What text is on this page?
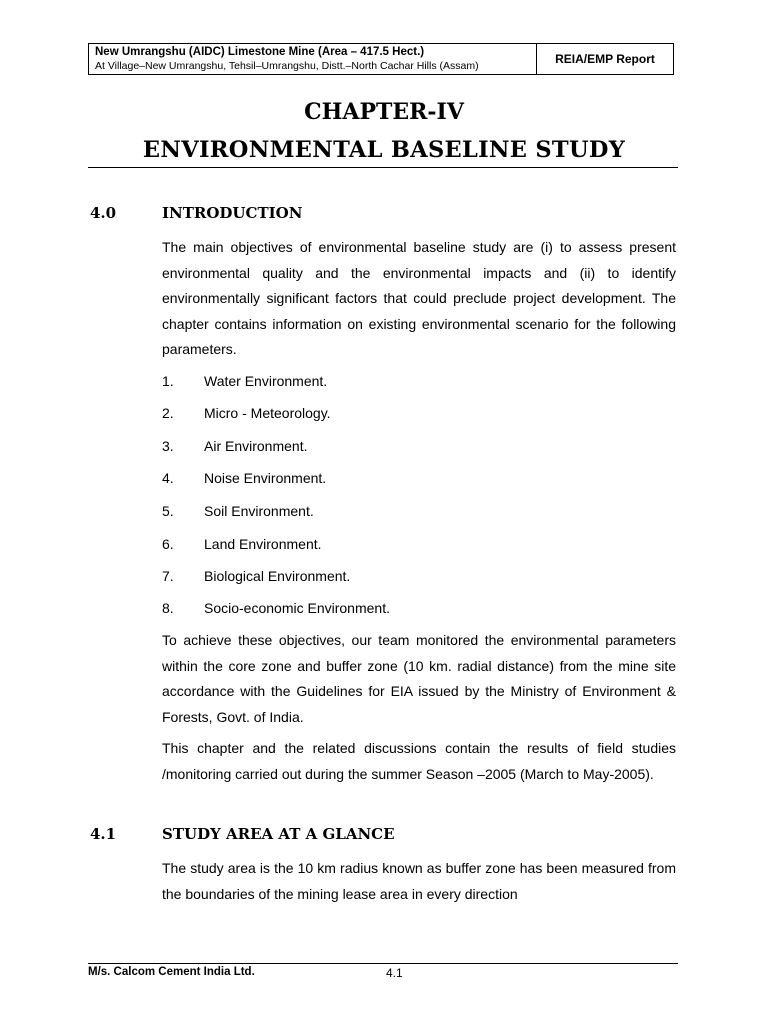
New Umrangshu (AIDC) Limestone Mine (Area – 417.5 Hect.)
At Village–New Umrangshu, Tehsil–Umrangshu, Distt.–North Cachar Hills (Assam)	REIA/EMP Report
CHAPTER-IV
ENVIRONMENTAL BASELINE STUDY
4.0	INTRODUCTION

The main objectives of environmental baseline study are (i) to assess present environmental quality and the environmental impacts and (ii) to identify environmentally significant factors that could preclude project development. The chapter contains information on existing environmental scenario for the following parameters.

1. Water Environment.
2. Micro - Meteorology.
3. Air Environment.
4. Noise Environment.
5. Soil Environment.
6. Land Environment.
7. Biological Environment.
8. Socio-economic Environment.

To achieve these objectives, our team monitored the environmental parameters within the core zone and buffer zone (10 km. radial distance) from the mine site accordance with the Guidelines for EIA issued by the Ministry of Environment & Forests, Govt. of India.

This chapter and the related discussions contain the results of field studies /monitoring carried out during the summer Season –2005 (March to May-2005).

4.1	STUDY AREA AT A GLANCE

The study area is the 10 km radius known as buffer zone has been measured from the boundaries of the mining lease area in every direction

M/s. Calcom Cement India Ltd.	4.1
